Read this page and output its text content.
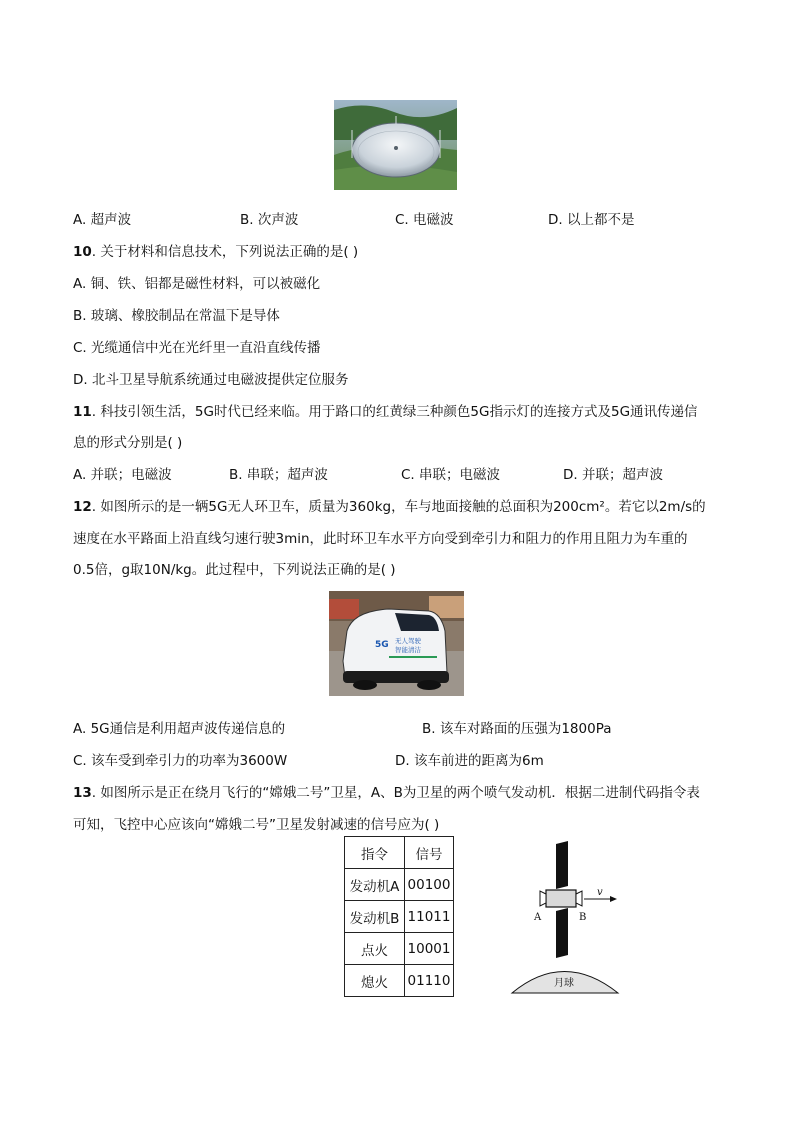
A. 超声波	B. 次声波	C. 电磁波	D. 以上都不是
10. 关于材料和信息技术，下列说法正确的是( )
A. 铜、铁、铝都是磁性材料，可以被磁化
B. 玻璃、橡胶制品在常温下是导体
C. 光缆通信中光在光纤里一直沿直线传播
D. 北斗卫星导航系统通过电磁波提供定位服务
11. 科技引领生活，5G时代已经来临。用于路口的红黄绿三种颜色5G指示灯的连接方式及5G通讯传递信
息的形式分别是( )
A. 并联；电磁波	B. 串联；超声波	C. 串联；电磁波	D. 并联；超声波
12. 如图所示的是一辆5G无人环卫车，质量为360kg，车与地面接触的总面积为200cm²。若它以2m/s的
速度在水平路面上沿直线匀速行驶3min，此时环卫车水平方向受到牵引力和阻力的作用且阻力为车重的
0.5倍，g取10N/kg。此过程中，下列说法正确的是( )
5G 无人驾驶
智能清洁
A. 5G通信是利用超声波传递信息的	B. 该车对路面的压强为1800Pa
C. 该车受到牵引力的功率为3600W	D. 该车前进的距离为6m
13. 如图所示是正在绕月飞行的“嫦娥二号”卫星，A、B为卫星的两个喷气发动机．根据二进制代码指令表
可知，飞控中心应该向“嫦娥二号”卫星发射减速的信号应为( )
指令	信号
发动机A	00100
发动机B	11011
点火	10001
熄火	01110
A	B
v
月球
